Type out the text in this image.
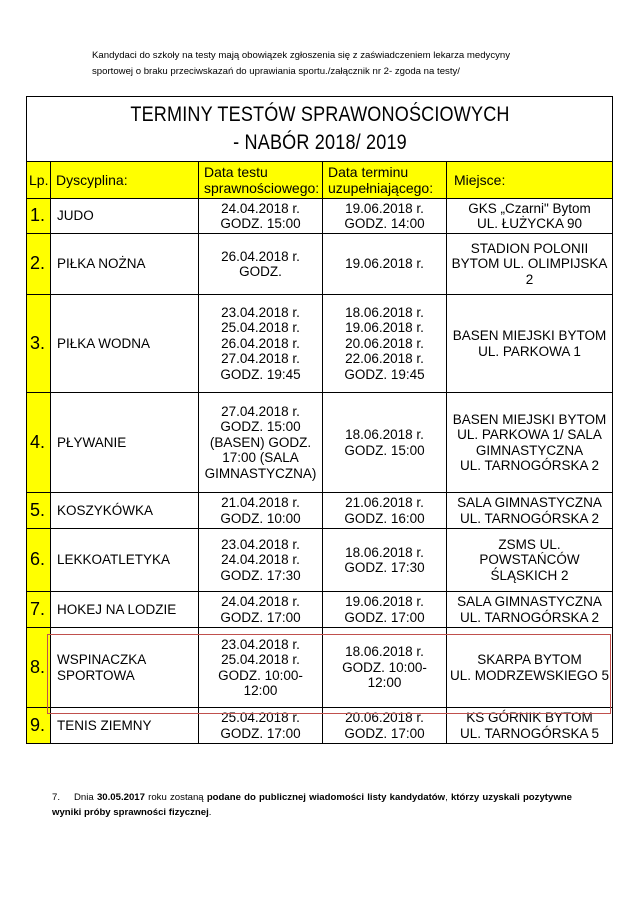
Kandydaci do szkoły na testy mają obowiązek zgłoszenia się z zaświadczeniem lekarza medycyny
sportowej o braku przeciwskazań do uprawiania sportu./załącznik nr 2- zgoda na testy/
TERMINY TESTÓW SPRAWONOŚCIOWYCH
- NABÓR 2018/ 2019				

Lp.	Dyscyplina:	Data testu
sprawnościowego:	Data terminu
uzupełniającego:	Miejsce:

1.	JUDO	24.04.2018 r.
GODZ. 15:00	19.06.2018 r.
GODZ. 14:00	GKS „Czarni" Bytom
UL. ŁUŻYCKA 90

2.	PIŁKA NOŻNA	26.04.2018 r.
GODZ.	19.06.2018 r.	STADION POLONII
BYTOM UL. OLIMPIJSKA
2

3.	PIŁKA WODNA	23.04.2018 r.
25.04.2018 r.
26.04.2018 r.
27.04.2018 r.
GODZ. 19:45	18.06.2018 r.
19.06.2018 r.
20.06.2018 r.
22.06.2018 r.
GODZ. 19:45	BASEN MIEJSKI BYTOM
UL. PARKOWA 1

4.	PŁYWANIE	27.04.2018 r.
GODZ. 15:00
(BASEN) GODZ.
17:00 (SALA
GIMNASTYCZNA)	18.06.2018 r.
GODZ. 15:00	BASEN MIEJSKI BYTOM
UL. PARKOWA 1/ SALA
GIMNASTYCZNA
UL. TARNOGÓRSKA 2

5.	KOSZYKÓWKA	21.04.2018 r.
GODZ. 10:00	21.06.2018 r.
GODZ. 16:00	SALA GIMNASTYCZNA
UL. TARNOGÓRSKA 2

6.	LEKKOATLETYKA	23.04.2018 r.
24.04.2018 r.
GODZ. 17:30	18.06.2018 r.
GODZ. 17:30	ZSMS UL.
POWSTAŃCÓW
ŚLĄSKICH 2

7.	HOKEJ NA LODZIE	24.04.2018 r.
GODZ. 17:00	19.06.2018 r.
GODZ. 17:00	SALA GIMNASTYCZNA
UL. TARNOGÓRSKA 2

8.	WSPINACZKA
SPORTOWA	23.04.2018 r.
25.04.2018 r.
GODZ. 10:00-
12:00	18.06.2018 r.
GODZ. 10:00-
12:00	SKARPA BYTOM
UL. MODRZEWSKIEGO 5

9.	TENIS ZIEMNY	25.04.2018 r.
GODZ. 17:00	20.06.2018 r.
GODZ. 17:00	KS GÓRNIK BYTOM
UL. TARNOGÓRSKA 5
7. Dnia 30.05.2017 roku zostaną podane do publicznej wiadomości listy kandydatów, którzy uzyskali pozytywne wyniki próby sprawności fizycznej.
